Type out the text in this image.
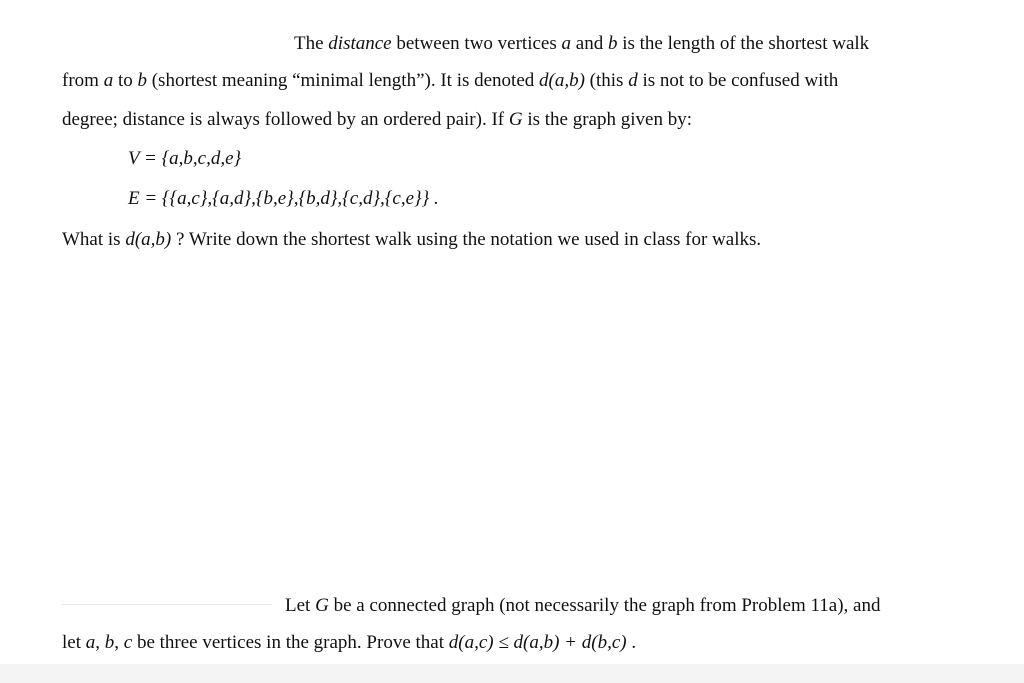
The distance between two vertices a and b is the length of the shortest walk
from a to b (shortest meaning “minimal length”). It is denoted d(a,b) (this d is not to be confused with
degree; distance is always followed by an ordered pair). If G is the graph given by:
V = {a,b,c,d,e}
E = {{a,c},{a,d},{b,e},{b,d},{c,d},{c,e}} .
What is d(a,b) ? Write down the shortest walk using the notation we used in class for walks.
Let G be a connected graph (not necessarily the graph from Problem 11a), and
let a, b, c be three vertices in the graph. Prove that d(a,c) ≤ d(a,b) + d(b,c) .
